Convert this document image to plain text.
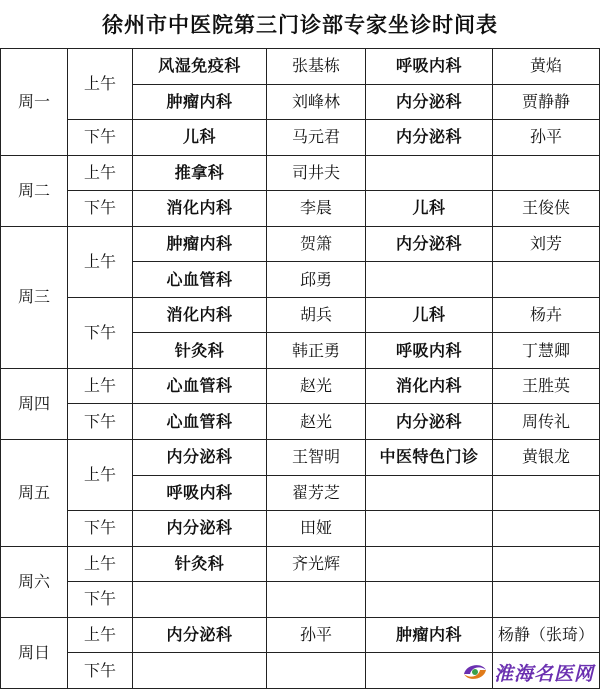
徐州市中医院第三门诊部专家坐诊时间表
周一	上午	风湿免疫科	张基栋	呼吸内科	黄焰
		肿瘤内科	刘峰林	内分泌科	贾静静
	下午	儿科	马元君	内分泌科	孙平
周二	上午	推拿科	司井夫		
	下午	消化内科	李晨	儿科	王俊侠
周三	上午	肿瘤内科	贺箫	内分泌科	刘芳
		心血管科	邱勇		
	下午	消化内科	胡兵	儿科	杨卉
		针灸科	韩正勇	呼吸内科	丁慧卿
周四	上午	心血管科	赵光	消化内科	王胜英
	下午	心血管科	赵光	内分泌科	周传礼
周五	上午	内分泌科	王智明	中医特色门诊	黄银龙
		呼吸内科	翟芳芝		
	下午	内分泌科	田娅		
周六	上午	针灸科	齐光辉		
	下午				
周日	上午	内分泌科	孙平	肿瘤内科	杨静（张琦）
	下午					淮海名医网
